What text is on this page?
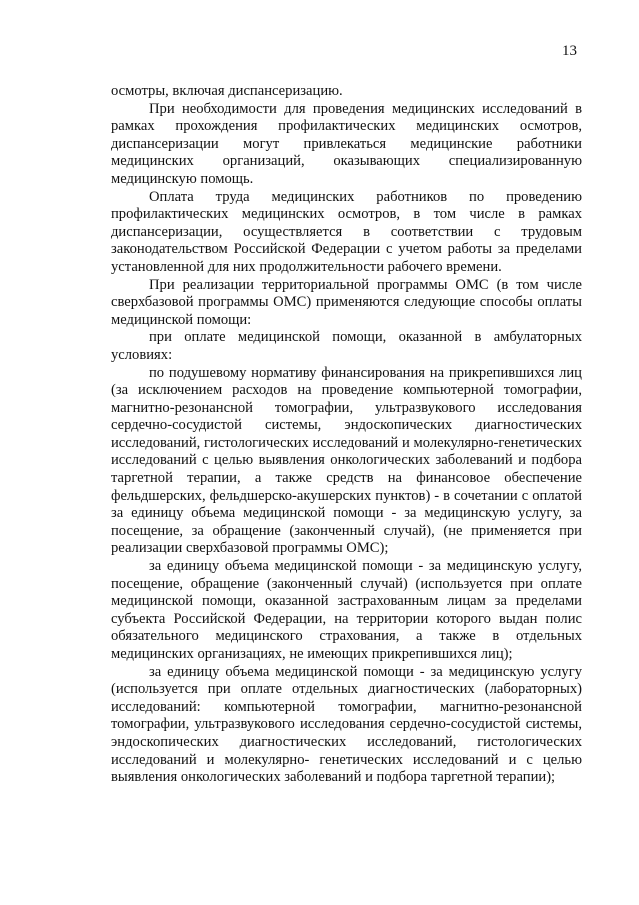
13

осмотры, включая диспансеризацию.

При необходимости для проведения медицинских исследований в рамках прохождения профилактических медицинских осмотров, диспансеризации могут привлекаться медицинские работники медицинских организаций, оказывающих специализированную медицинскую помощь.

Оплата труда медицинских работников по проведению профилактических медицинских осмотров, в том числе в рамках диспансеризации, осуществляется в соответствии с трудовым законодательством Российской Федерации с учетом работы за пределами установленной для них продолжительности рабочего времени.

При реализации территориальной программы ОМС (в том числе сверхбазовой программы ОМС) применяются следующие способы оплаты медицинской помощи:

при оплате медицинской помощи, оказанной в амбулаторных условиях:

по подушевому нормативу финансирования на прикрепившихся лиц (за исключением расходов на проведение компьютерной томографии, магнитно-резонансной томографии, ультразвукового исследования сердечно-сосудистой системы, эндоскопических диагностических исследований, гистологических исследований и молекулярно-генетических исследований с целью выявления онкологических заболеваний и подбора таргетной терапии, а также средств на финансовое обеспечение фельдшерских, фельдшерско-акушерских пунктов) - в сочетании с оплатой за единицу объема медицинской помощи - за медицинскую услугу, за посещение, за обращение (законченный случай), (не применяется при реализации сверхбазовой программы ОМС);

за единицу объема медицинской помощи - за медицинскую услугу, посещение, обращение (законченный случай) (используется при оплате медицинской помощи, оказанной застрахованным лицам за пределами субъекта Российской Федерации, на территории которого выдан полис обязательного медицинского страхования, а также в отдельных медицинских организациях, не имеющих прикрепившихся лиц);

за единицу объема медицинской помощи - за медицинскую услугу (используется при оплате отдельных диагностических (лабораторных) исследований: компьютерной томографии, магнитно-резонансной томографии, ультразвукового исследования сердечно-сосудистой системы, эндоскопических диагностических исследований, гистологических исследований и молекулярно- генетических исследований и с целью выявления онкологических заболеваний и подбора таргетной терапии);
